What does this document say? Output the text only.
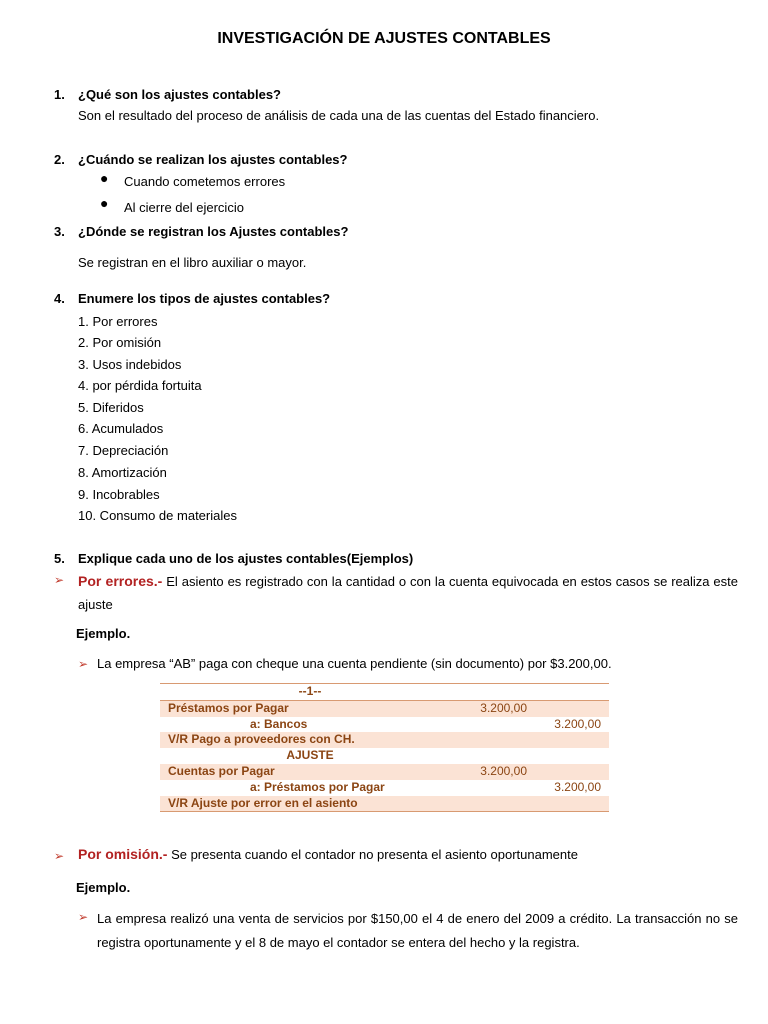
INVESTIGACIÓN DE AJUSTES CONTABLES
1. ¿Qué son los ajustes contables?
Son el resultado del proceso de análisis de cada una de las cuentas del Estado financiero.
2. ¿Cuándo se realizan los ajustes contables?
● Cuando cometemos errores
● Al cierre del ejercicio
3. ¿Dónde se registran los Ajustes contables?
Se registran en el libro auxiliar o mayor.
4. Enumere los tipos de ajustes contables?
1. Por errores
2. Por omisión
3. Usos indebidos
4. por pérdida fortuita
5. Diferidos
6. Acumulados
7. Depreciación
8. Amortización
9. Incobrables
10. Consumo de materiales
5. Explique cada uno de los ajustes contables(Ejemplos)
➢ Por errores.- El asiento es registrado con la cantidad o con la cuenta equivocada en estos casos se realiza este ajuste
Ejemplo.
➢ La empresa “AB” paga con cheque una cuenta pendiente (sin documento) por $3.200,00.
--1--		
Préstamos por Pagar	3.200,00	
a: Bancos		3.200,00
V/R Pago a proveedores con CH.		
AJUSTE		
Cuentas por Pagar	3.200,00	
a: Préstamos por Pagar		3.200,00
V/R Ajuste por error en el asiento		
➢ Por omisión.- Se presenta cuando el contador no presenta el asiento oportunamente
Ejemplo.
➢ La empresa realizó una venta de servicios por $150,00 el 4 de enero del 2009 a crédito. La transacción no se registra oportunamente y el 8 de mayo el contador se entera del hecho y la registra.
